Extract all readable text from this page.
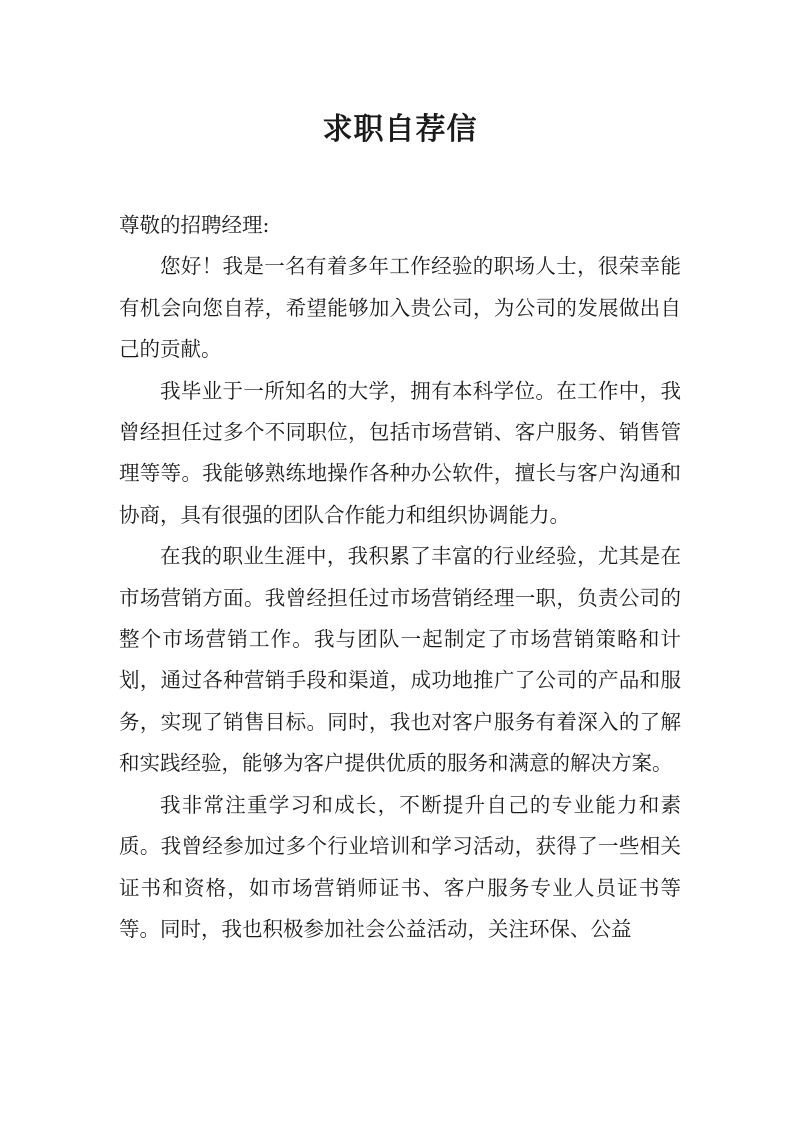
求职自荐信

尊敬的招聘经理:

您好！我是一名有着多年工作经验的职场人士，很荣幸能有机会向您自荐，希望能够加入贵公司，为公司的发展做出自己的贡献。

我毕业于一所知名的大学，拥有本科学位。在工作中，我曾经担任过多个不同职位，包括市场营销、客户服务、销售管理等等。我能够熟练地操作各种办公软件，擅长与客户沟通和协商，具有很强的团队合作能力和组织协调能力。

在我的职业生涯中，我积累了丰富的行业经验，尤其是在市场营销方面。我曾经担任过市场营销经理一职，负责公司的整个市场营销工作。我与团队一起制定了市场营销策略和计划，通过各种营销手段和渠道，成功地推广了公司的产品和服务，实现了销售目标。同时，我也对客户服务有着深入的了解和实践经验，能够为客户提供优质的服务和满意的解决方案。

我非常注重学习和成长，不断提升自己的专业能力和素质。我曾经参加过多个行业培训和学习活动，获得了一些相关证书和资格，如市场营销师证书、客户服务专业人员证书等等。同时，我也积极参加社会公益活动，关注环保、公益
